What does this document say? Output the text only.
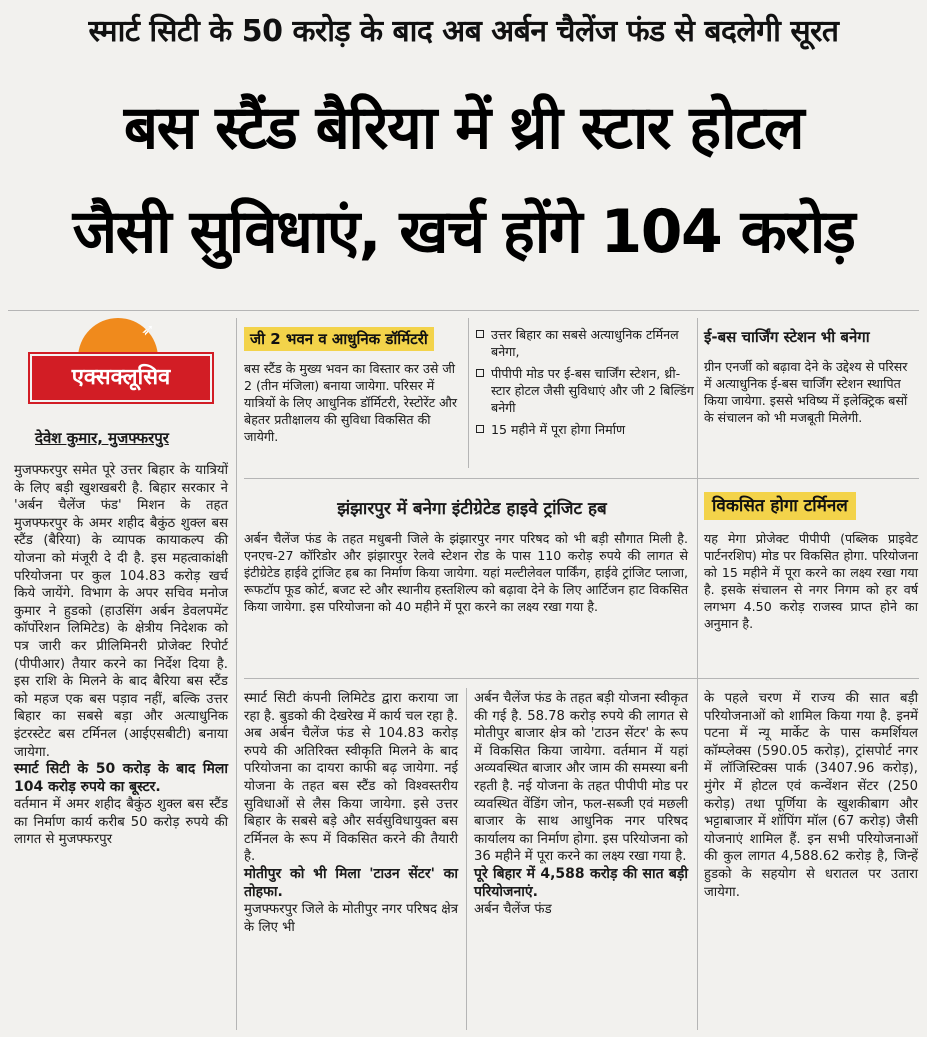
स्मार्ट सिटी के 50 करोड़ के बाद अब अर्बन चैलेंज फंड से बदलेगी सूरत
बस स्टैंड बैरिया में थ्री स्टार होटल
जैसी सुविधाएं, खर्च होंगे 104 करोड़
➶
एक्सक्लूसिव
देवेश कुमार, मुजफ्फरपुर

मुजफ्फरपुर समेत पूरे उत्तर बिहार के यात्रियों के लिए बड़ी खुशखबरी है. बिहार सरकार ने 'अर्बन चैलेंज फंड' मिशन के तहत मुजफ्फरपुर के अमर शहीद बैकुंठ शुक्ल बस स्टैंड (बैरिया) के व्यापक कायाकल्प की योजना को मंजूरी दे दी है. इस महत्वाकांक्षी परियोजना पर कुल 104.83 करोड़ खर्च किये जायेंगे. विभाग के अपर सचिव मनोज कुमार ने हुडको (हाउसिंग अर्बन डेवलपमेंट कॉर्पोरेशन लिमिटेड) के क्षेत्रीय निदेशक को पत्र जारी कर प्रीलिमिनरी प्रोजेक्ट रिपोर्ट (पीपीआर) तैयार करने का निर्देश दिया है. इस राशि के मिलने के बाद बैरिया बस स्टैंड को महज एक बस पड़ाव नहीं, बल्कि उत्तर बिहार का सबसे बड़ा और अत्याधुनिक इंटरस्टेट बस टर्मिनल (आईएसबीटी) बनाया जायेगा.

स्मार्ट सिटी के 50 करोड़ के बाद मिला 104 करोड़ रुपये का बूस्टर.

वर्तमान में अमर शहीद बैकुंठ शुक्ल बस स्टैंड का निर्माण कार्य करीब 50 करोड़ रुपये की लागत से मुजफ्फरपुर

जी 2 भवन व आधुनिक डॉर्मिटरी
बस स्टैंड के मुख्य भवन का विस्तार कर उसे जी 2 (तीन मंजिला) बनाया जायेगा. परिसर में यात्रियों के लिए आधुनिक डॉर्मिटरी, रेस्टोरेंट और बेहतर प्रतीक्षालय की सुविधा विकसित की जायेगी.
उत्तर बिहार का सबसे अत्याधुनिक टर्मिनल बनेगा,
पीपीपी मोड पर ई-बस चार्जिंग स्टेशन, थ्री-स्टार होटल जैसी सुविधाएं और जी 2 बिल्डिंग बनेगी
15 महीने में पूरा होगा निर्माण
ई-बस चार्जिंग स्टेशन भी बनेगा
ग्रीन एनर्जी को बढ़ावा देने के उद्देश्य से परिसर में अत्याधुनिक ई-बस चार्जिंग स्टेशन स्थापित किया जायेगा. इससे भविष्य में इलेक्ट्रिक बसों के संचालन को भी मजबूती मिलेगी.
झंझारपुर में बनेगा इंटीग्रेटेड हाइवे ट्रांजिट हब
अर्बन चैलेंज फंड के तहत मधुबनी जिले के झंझारपुर नगर परिषद को भी बड़ी सौगात मिली है. एनएच-27 कॉरिडोर और झंझारपुर रेलवे स्टेशन रोड के पास 110 करोड़ रुपये की लागत से इंटीग्रेटेड हाईवे ट्रांजिट हब का निर्माण किया जायेगा. यहां मल्टीलेवल पार्किंग, हाईवे ट्रांजिट प्लाजा, रूफटॉप फूड कोर्ट, बजट स्टे और स्थानीय हस्तशिल्प को बढ़ावा देने के लिए आर्टिजन हाट विकसित किया जायेगा. इस परियोजना को 40 महीने में पूरा करने का लक्ष्य रखा गया है.
विकसित होगा टर्मिनल
यह मेगा प्रोजेक्ट पीपीपी (पब्लिक प्राइवेट पार्टनरशिप) मोड पर विकसित होगा. परियोजना को 15 महीने में पूरा करने का लक्ष्य रखा गया है. इसके संचालन से नगर निगम को हर वर्ष लगभग 4.50 करोड़ राजस्व प्राप्त होने का अनुमान है.

स्मार्ट सिटी कंपनी लिमिटेड द्वारा कराया जा रहा है. बुडको की देखरेख में कार्य चल रहा है. अब अर्बन चैलेंज फंड से 104.83 करोड़ रुपये की अतिरिक्त स्वीकृति मिलने के बाद परियोजना का दायरा काफी बढ़ जायेगा. नई योजना के तहत बस स्टैंड को विश्वस्तरीय सुविधाओं से लैस किया जायेगा. इसे उत्तर बिहार के सबसे बड़े और सर्वसुविधायुक्त बस टर्मिनल के रूप में विकसित करने की तैयारी है.

मोतीपुर को भी मिला 'टाउन सेंटर' का तोहफा.

मुजफ्फरपुर जिले के मोतीपुर नगर परिषद क्षेत्र के लिए भी

अर्बन चैलेंज फंड के तहत बड़ी योजना स्वीकृत की गई है. 58.78 करोड़ रुपये की लागत से मोतीपुर बाजार क्षेत्र को 'टाउन सेंटर' के रूप में विकसित किया जायेगा. वर्तमान में यहां अव्यवस्थित बाजार और जाम की समस्या बनी रहती है. नई योजना के तहत पीपीपी मोड पर व्यवस्थित वेंडिंग जोन, फल-सब्जी एवं मछली बाजार के साथ आधुनिक नगर परिषद कार्यालय का निर्माण होगा. इस परियोजना को 36 महीने में पूरा करने का लक्ष्य रखा गया है.

पूरे बिहार में 4,588 करोड़ की सात बड़ी परियोजनाएं.

अर्बन चैलेंज फंड

के पहले चरण में राज्य की सात बड़ी परियोजनाओं को शामिल किया गया है. इनमें पटना में न्यू मार्केट के पास कमर्शियल कॉम्प्लेक्स (590.05 करोड़), ट्रांसपोर्ट नगर में लॉजिस्टिक्स पार्क (3407.96 करोड़), मुंगेर में होटल एवं कन्वेंशन सेंटर (250 करोड़) तथा पूर्णिया के खुशकीबाग और भट्टाबाजार में शॉपिंग मॉल (67 करोड़) जैसी योजनाएं शामिल हैं. इन सभी परियोजनाओं की कुल लागत 4,588.62 करोड़ है, जिन्हें हुडको के सहयोग से धरातल पर उतारा जायेगा.
